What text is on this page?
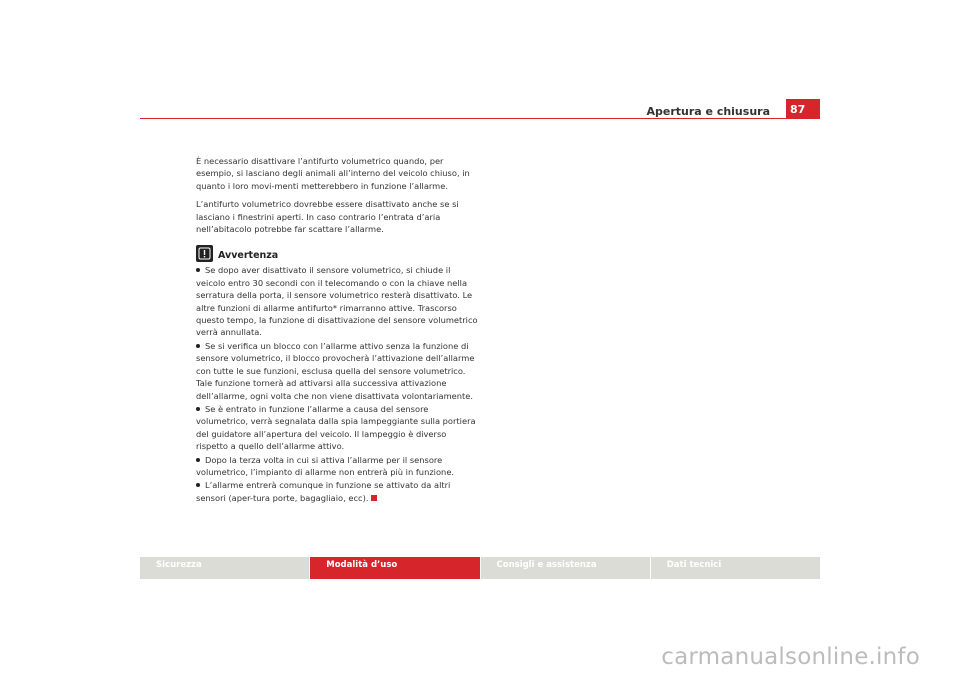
Apertura e chiusura	87

È necessario disattivare l’antifurto volumetrico quando, per esempio, si lasciano degli animali all’interno del veicolo chiuso, in quanto i loro movi-menti metterebbero in funzione l’allarme.

L’antifurto volumetrico dovrebbe essere disattivato anche se si lasciano i finestrini aperti. In caso contrario l’entrata d’aria nell’abitacolo potrebbe far scattare l’allarme.

Avvertenza
Se dopo aver disattivato il sensore volumetrico, si chiude il veicolo entro 30 secondi con il telecomando o con la chiave nella serratura della porta, il sensore volumetrico resterà disattivato. Le altre funzioni di allarme antifurto* rimarranno attive. Trascorso questo tempo, la funzione di disattivazione del sensore volumetrico verrà annullata.
Se si verifica un blocco con l’allarme attivo senza la funzione di sensore volumetrico, il blocco provocherà l’attivazione dell’allarme con tutte le sue funzioni, esclusa quella del sensore volumetrico. Tale funzione tornerà ad attivarsi alla successiva attivazione dell’allarme, ogni volta che non viene disattivata volontariamente.
Se è entrato in funzione l’allarme a causa del sensore volumetrico, verrà segnalata dalla spia lampeggiante sulla portiera del guidatore all’apertura del veicolo. Il lampeggio è diverso rispetto a quello dell’allarme attivo.
Dopo la terza volta in cui si attiva l’allarme per il sensore volumetrico, l’impianto di allarme non entrerà più in funzione.
L’allarme entrerà comunque in funzione se attivato da altri sensori (aper-tura porte, bagagliaio, ecc).
Sicurezza	Modalità d’uso	Consigli e assistenza	Dati tecnici
carmanualsonline.info
